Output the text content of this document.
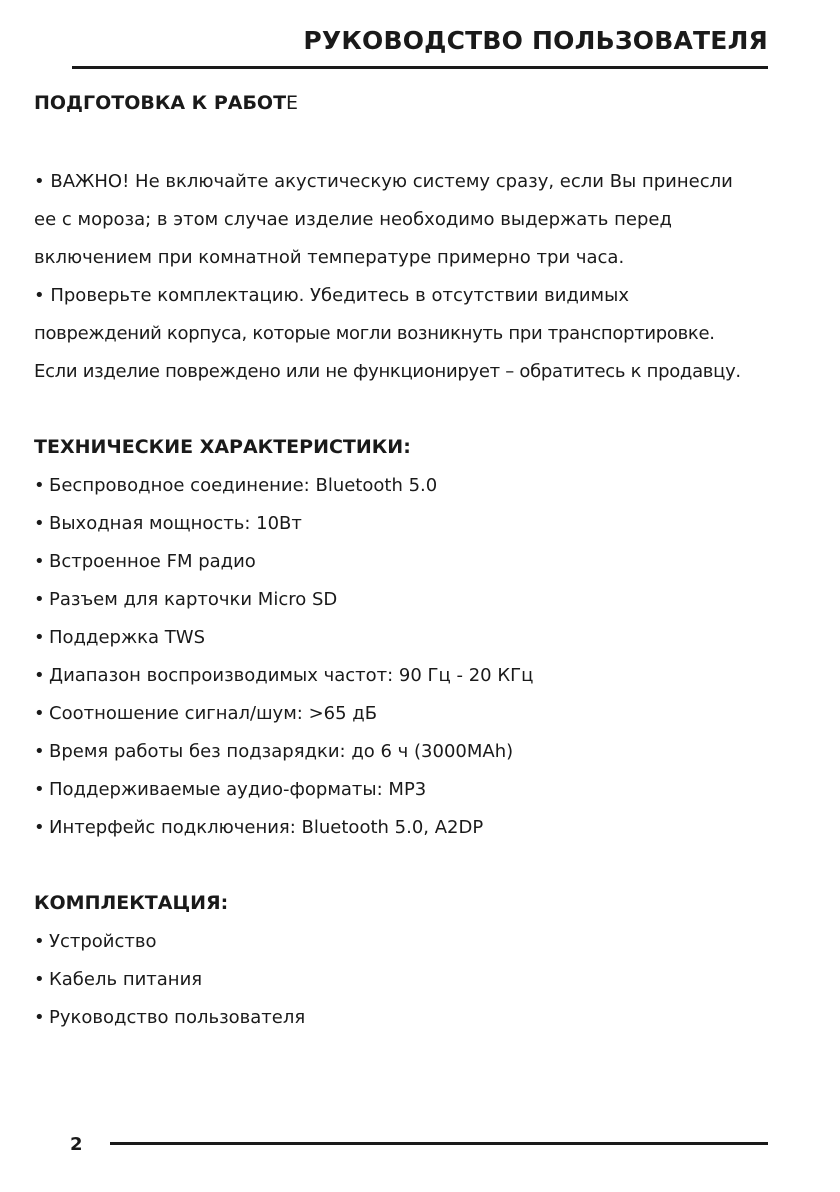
РУКОВОДСТВО ПОЛЬЗОВАТЕЛЯ
ПОДГОТОВКА К РАБОТЕ
• ВАЖНО! Не включайте акустическую систему сразу, если Вы принесли
ее с мороза; в этом случае изделие необходимо выдержать перед
включением при комнатной температуре примерно три часа.
• Проверьте комплектацию. Убедитесь в отсутствии видимых
повреждений корпуса, которые могли возникнуть при транспортировке.
Если изделие повреждено или не функционирует – обратитесь к продавцу.
ТЕХНИЧЕСКИЕ ХАРАКТЕРИСТИКИ:
• Беспроводное соединение: Bluetooth 5.0
• Выходная мощность: 10Вт
• Встроенное FM радио
• Разъем для карточки Micro SD
• Поддержка TWS
• Диапазон воспроизводимых частот: 90 Гц - 20 КГц
• Соотношение сигнал/шум: >65 дБ
• Время работы без подзарядки: до 6 ч (3000МАh)
• Поддерживаемые аудио-форматы: MP3
• Интерфейс подключения: Bluetooth 5.0, A2DP
КОМПЛЕКТАЦИЯ:
• Устройство
• Кабель питания
• Руководство пользователя
2
